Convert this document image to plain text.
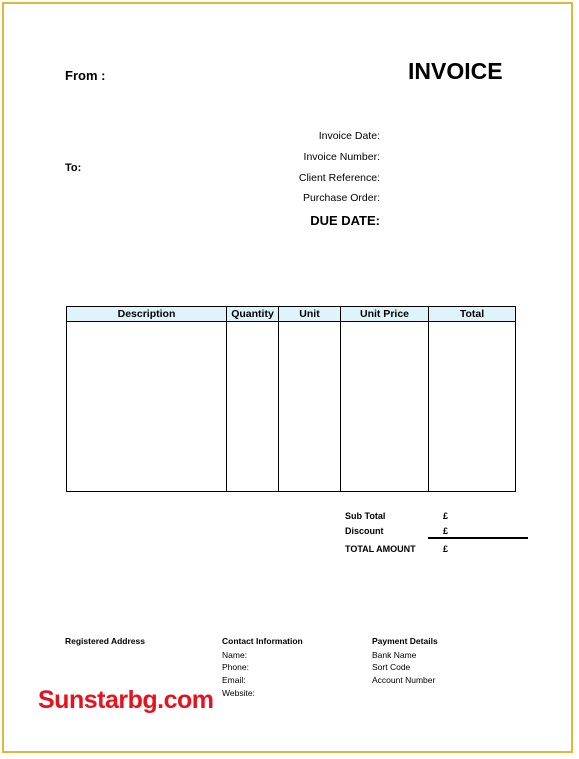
From :	INVOICE
To:
Invoice Date:
Invoice Number:
Client Reference:
Purchase Order:
DUE DATE:
Description	Quantity	Unit	Unit Price	Total

Sub Total	£
Discount	£
TOTAL AMOUNT	£
Registered Address	Contact Information
Name:
Phone:
Email:
Website:
Payment Details
Bank Name
Sort Code
Account Number
Sunstarbg.com
